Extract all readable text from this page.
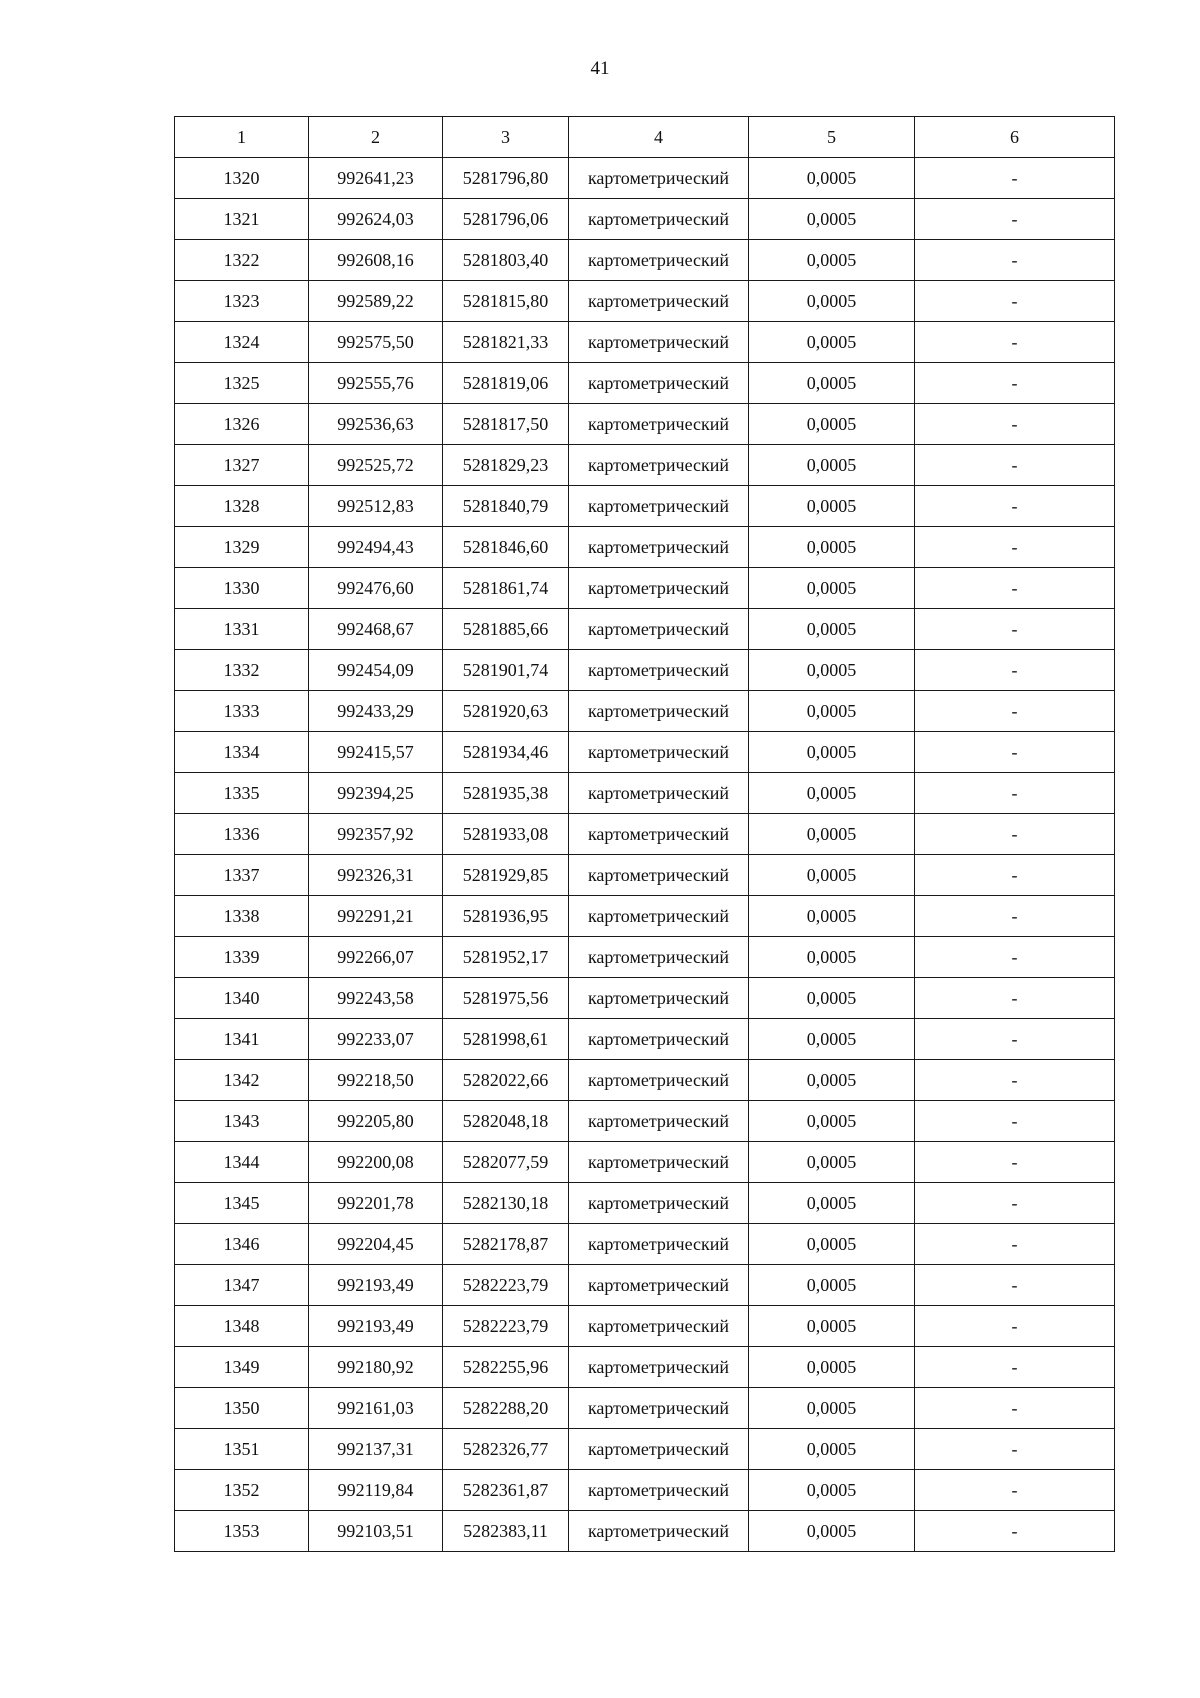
41
1	2	3	4	5	6
1320	992641,23	5281796,80	картометрический	0,0005	-
1321	992624,03	5281796,06	картометрический	0,0005	-
1322	992608,16	5281803,40	картометрический	0,0005	-
1323	992589,22	5281815,80	картометрический	0,0005	-
1324	992575,50	5281821,33	картометрический	0,0005	-
1325	992555,76	5281819,06	картометрический	0,0005	-
1326	992536,63	5281817,50	картометрический	0,0005	-
1327	992525,72	5281829,23	картометрический	0,0005	-
1328	992512,83	5281840,79	картометрический	0,0005	-
1329	992494,43	5281846,60	картометрический	0,0005	-
1330	992476,60	5281861,74	картометрический	0,0005	-
1331	992468,67	5281885,66	картометрический	0,0005	-
1332	992454,09	5281901,74	картометрический	0,0005	-
1333	992433,29	5281920,63	картометрический	0,0005	-
1334	992415,57	5281934,46	картометрический	0,0005	-
1335	992394,25	5281935,38	картометрический	0,0005	-
1336	992357,92	5281933,08	картометрический	0,0005	-
1337	992326,31	5281929,85	картометрический	0,0005	-
1338	992291,21	5281936,95	картометрический	0,0005	-
1339	992266,07	5281952,17	картометрический	0,0005	-
1340	992243,58	5281975,56	картометрический	0,0005	-
1341	992233,07	5281998,61	картометрический	0,0005	-
1342	992218,50	5282022,66	картометрический	0,0005	-
1343	992205,80	5282048,18	картометрический	0,0005	-
1344	992200,08	5282077,59	картометрический	0,0005	-
1345	992201,78	5282130,18	картометрический	0,0005	-
1346	992204,45	5282178,87	картометрический	0,0005	-
1347	992193,49	5282223,79	картометрический	0,0005	-
1348	992193,49	5282223,79	картометрический	0,0005	-
1349	992180,92	5282255,96	картометрический	0,0005	-
1350	992161,03	5282288,20	картометрический	0,0005	-
1351	992137,31	5282326,77	картометрический	0,0005	-
1352	992119,84	5282361,87	картометрический	0,0005	-
1353	992103,51	5282383,11	картометрический	0,0005	-
